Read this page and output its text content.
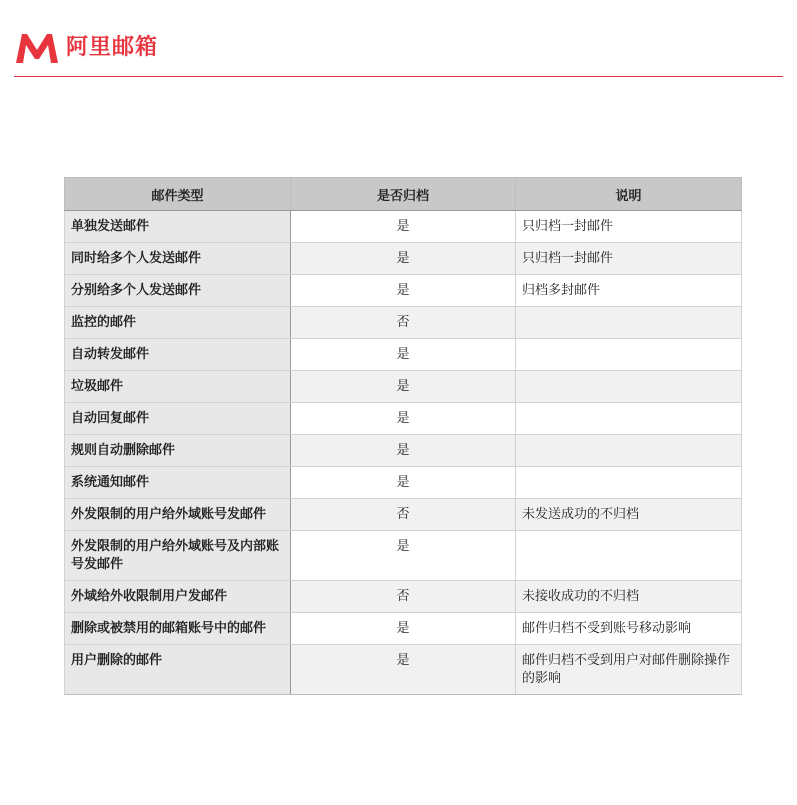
阿里邮箱
邮件类型	是否归档	说明
单独发送邮件	是	只归档一封邮件
同时给多个人发送邮件	是	只归档一封邮件
分别给多个人发送邮件	是	归档多封邮件
监控的邮件	否	
自动转发邮件	是	
垃圾邮件	是	
自动回复邮件	是	
规则自动删除邮件	是	
系统通知邮件	是	
外发限制的用户给外域账号发邮件	否	未发送成功的不归档
外发限制的用户给外域账号及内部账号发邮件	是	
外域给外收限制用户发邮件	否	未接收成功的不归档
删除或被禁用的邮箱账号中的邮件	是	邮件归档不受到账号移动影响
用户删除的邮件	是	邮件归档不受到用户对邮件删除操作的影响
